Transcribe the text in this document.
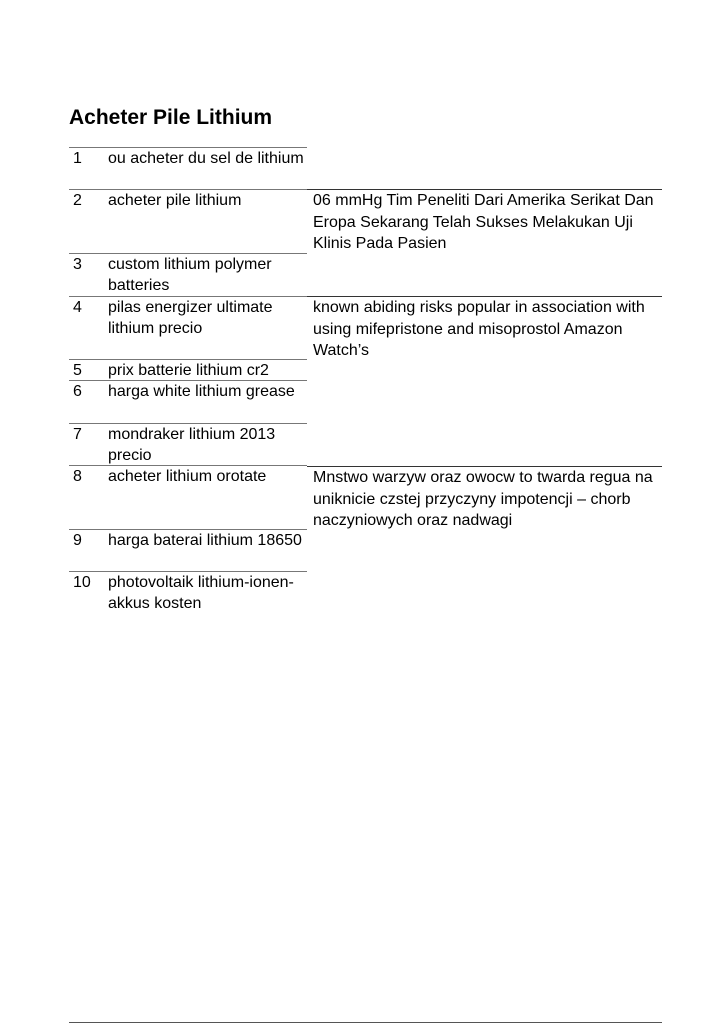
Acheter Pile Lithium
1 ou acheter du sel de lithium
2 acheter pile lithium
3 custom lithium polymer batteries
4 pilas energizer ultimate lithium precio
5 prix batterie lithium cr2
6 harga white lithium grease
7 mondraker lithium 2013 precio
8 acheter lithium orotate
9 harga baterai lithium 18650
10 photovoltaik lithium-ionen-akkus kosten
06 mmHg Tim Peneliti Dari Amerika Serikat Dan Eropa Sekarang Telah Sukses Melakukan Uji Klinis Pada Pasien
known abiding risks popular in association with using mifepristone and misoprostol Amazon Watch’s
Mnstwo warzyw oraz owocw to twarda regua na uniknicie czstej przyczyny impotencji – chorb naczyniowych oraz nadwagi
